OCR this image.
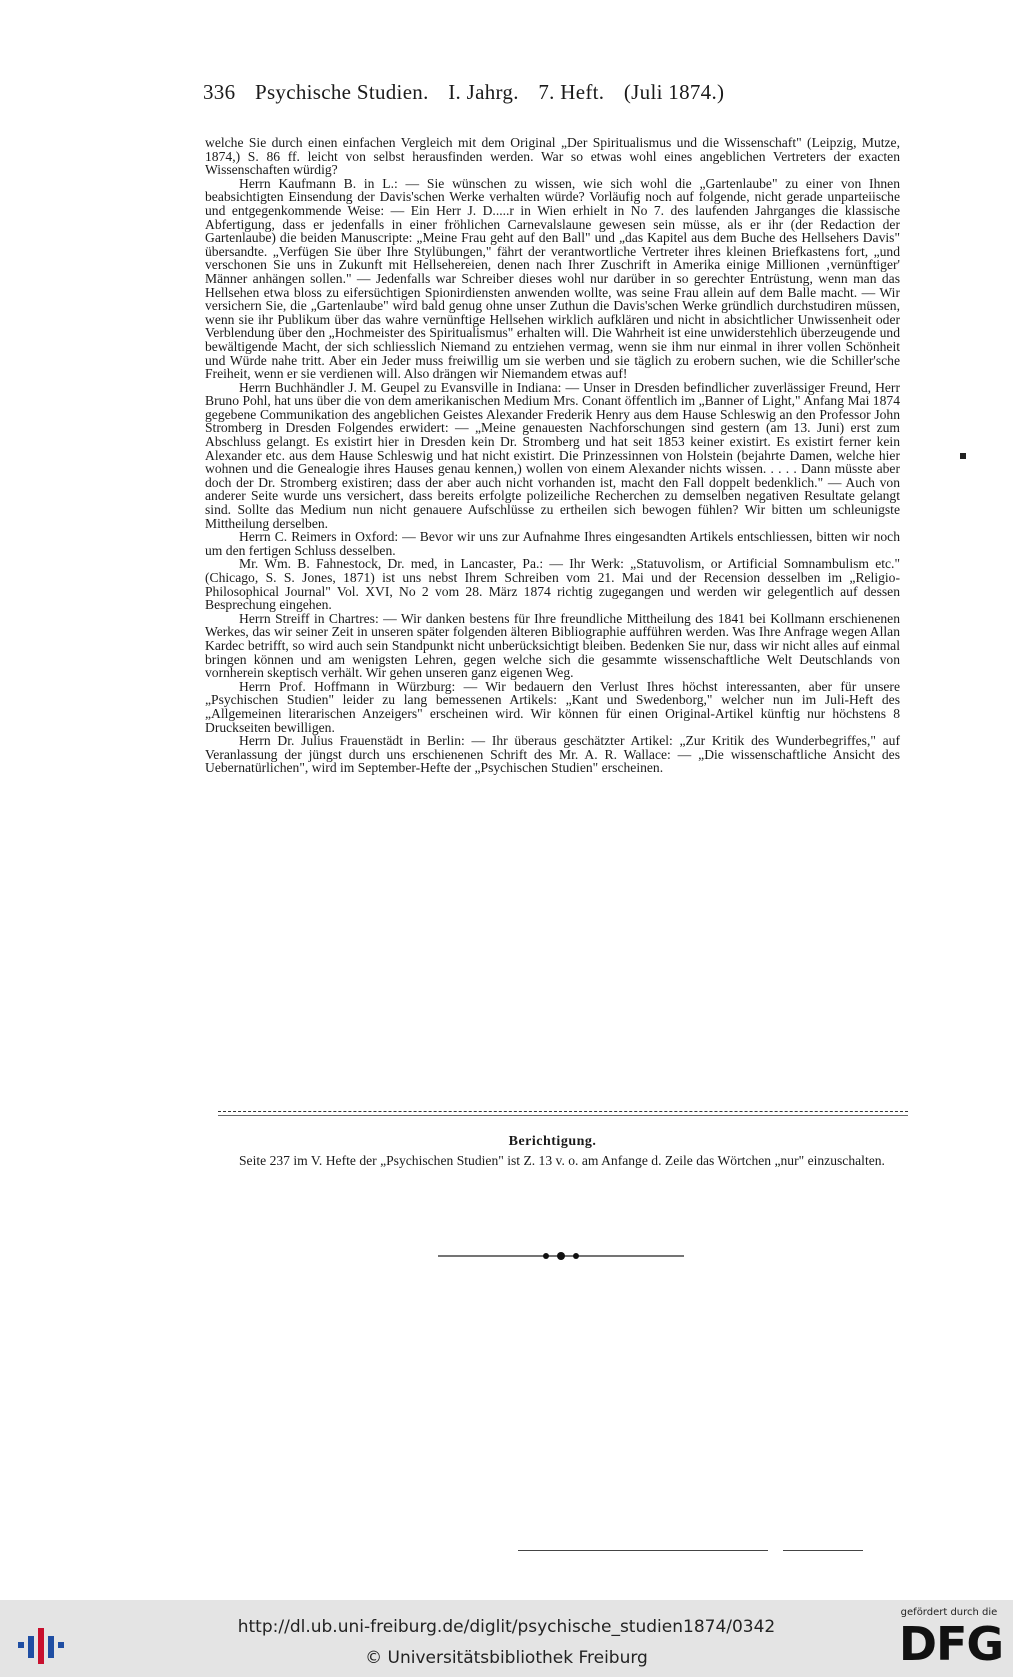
336 Psychische Studien. I. Jahrg. 7. Heft. (Juli 1874.)

welche Sie durch einen einfachen Vergleich mit dem Original „Der Spiritualismus und die Wissenschaft" (Leipzig, Mutze, 1874,) S. 86 ff. leicht von selbst herausfinden werden. War so etwas wohl eines angeblichen Vertreters der exacten Wissenschaften würdig?

Herrn Kaufmann B. in L.: — Sie wünschen zu wissen, wie sich wohl die „Gartenlaube" zu einer von Ihnen beabsichtigten Einsendung der Davis'schen Werke verhalten würde? Vorläufig noch auf folgende, nicht gerade unparteiische und entgegenkommende Weise: — Ein Herr J. D.....r in Wien erhielt in No 7. des laufenden Jahrganges die klassische Abfertigung, dass er jedenfalls in einer fröhlichen Carnevalslaune gewesen sein müsse, als er ihr (der Redaction der Gartenlaube) die beiden Manuscripte: „Meine Frau geht auf den Ball" und „das Kapitel aus dem Buche des Hellsehers Davis" übersandte. „Verfügen Sie über Ihre Stylübungen," fährt der verantwortliche Vertreter ihres kleinen Briefkastens fort, „und verschonen Sie uns in Zukunft mit Hellsehereien, denen nach Ihrer Zuschrift in Amerika einige Millionen ‚vernünftiger' Männer anhängen sollen." — Jedenfalls war Schreiber dieses wohl nur darüber in so gerechter Entrüstung, wenn man das Hellsehen etwa bloss zu eifersüchtigen Spionirdiensten anwenden wollte, was seine Frau allein auf dem Balle macht. — Wir versichern Sie, die „Gartenlaube" wird bald genug ohne unser Zuthun die Davis'schen Werke gründlich durchstudiren müssen, wenn sie ihr Publikum über das wahre vernünftige Hellsehen wirklich aufklären und nicht in absichtlicher Unwissenheit oder Verblendung über den „Hochmeister des Spiritualismus" erhalten will. Die Wahrheit ist eine unwiderstehlich überzeugende und bewältigende Macht, der sich schliesslich Niemand zu entziehen vermag, wenn sie ihm nur einmal in ihrer vollen Schönheit und Würde nahe tritt. Aber ein Jeder muss freiwillig um sie werben und sie täglich zu erobern suchen, wie die Schiller'sche Freiheit, wenn er sie verdienen will. Also drängen wir Niemandem etwas auf!

Herrn Buchhändler J. M. Geupel zu Evansville in Indiana: — Unser in Dresden befindlicher zuverlässiger Freund, Herr Bruno Pohl, hat uns über die von dem amerikanischen Medium Mrs. Conant öffentlich im „Banner of Light," Anfang Mai 1874 gegebene Communikation des angeblichen Geistes Alexander Frederik Henry aus dem Hause Schleswig an den Professor John Stromberg in Dresden Folgendes erwidert: — „Meine genauesten Nachforschungen sind gestern (am 13. Juni) erst zum Abschluss gelangt. Es existirt hier in Dresden kein Dr. Stromberg und hat seit 1853 keiner existirt. Es existirt ferner kein Alexander etc. aus dem Hause Schleswig und hat nicht existirt. Die Prinzessinnen von Holstein (bejahrte Damen, welche hier wohnen und die Genealogie ihres Hauses genau kennen,) wollen von einem Alexander nichts wissen. . . . . Dann müsste aber doch der Dr. Stromberg existiren; dass der aber auch nicht vorhanden ist, macht den Fall doppelt bedenklich." — Auch von anderer Seite wurde uns versichert, dass bereits erfolgte polizeiliche Recherchen zu demselben negativen Resultate gelangt sind. Sollte das Medium nun nicht genauere Aufschlüsse zu ertheilen sich bewogen fühlen? Wir bitten um schleunigste Mittheilung derselben.

Herrn C. Reimers in Oxford: — Bevor wir uns zur Aufnahme Ihres eingesandten Artikels entschliessen, bitten wir noch um den fertigen Schluss desselben.

Mr. Wm. B. Fahnestock, Dr. med, in Lancaster, Pa.: — Ihr Werk: „Statuvolism, or Artificial Somnambulism etc." (Chicago, S. S. Jones, 1871) ist uns nebst Ihrem Schreiben vom 21. Mai und der Recension desselben im „Religio-Philosophical Journal" Vol. XVI, No 2 vom 28. März 1874 richtig zugegangen und werden wir gelegentlich auf dessen Besprechung eingehen.

Herrn Streiff in Chartres: — Wir danken bestens für Ihre freundliche Mittheilung des 1841 bei Kollmann erschienenen Werkes, das wir seiner Zeit in unseren später folgenden älteren Bibliographie aufführen werden. Was Ihre Anfrage wegen Allan Kardec betrifft, so wird auch sein Standpunkt nicht unberücksichtigt bleiben. Bedenken Sie nur, dass wir nicht alles auf einmal bringen können und am wenigsten Lehren, gegen welche sich die gesammte wissenschaftliche Welt Deutschlands von vornherein skeptisch verhält. Wir gehen unseren ganz eigenen Weg.

Herrn Prof. Hoffmann in Würzburg: — Wir bedauern den Verlust Ihres höchst interessanten, aber für unsere „Psychischen Studien" leider zu lang bemessenen Artikels: „Kant und Swedenborg," welcher nun im Juli-Heft des „Allgemeinen literarischen Anzeigers" erscheinen wird. Wir können für einen Original-Artikel künftig nur höchstens 8 Druckseiten bewilligen.

Herrn Dr. Julius Frauenstädt in Berlin: — Ihr überaus geschätzter Artikel: „Zur Kritik des Wunderbegriffes," auf Veranlassung der jüngst durch uns erschienenen Schrift des Mr. A. R. Wallace: — „Die wissenschaftliche Ansicht des Uebernatürlichen", wird im September-Hefte der „Psychischen Studien" erscheinen.

Berichtigung.
Seite 237 im V. Hefte der „Psychischen Studien" ist Z. 13 v. o. am Anfange d. Zeile das Wörtchen „nur" einzuschalten.
http://dl.ub.uni-freiburg.de/diglit/psychische_studien1874/0342
© Universitätsbibliothek Freiburg
gefördert durch die
DFG
